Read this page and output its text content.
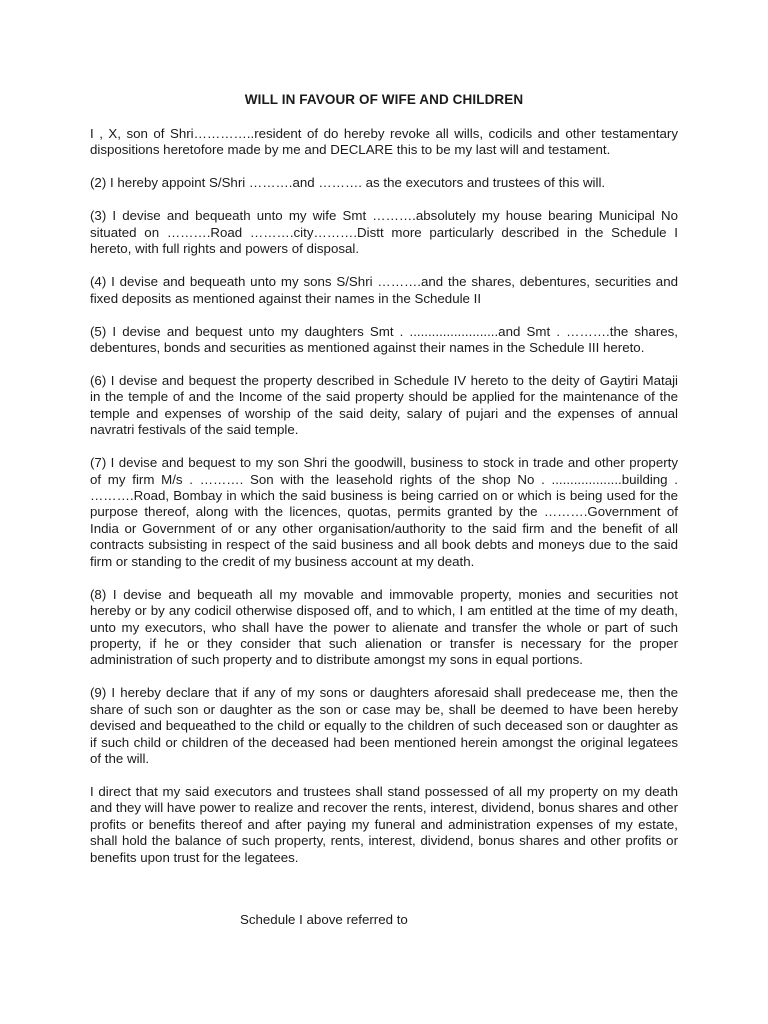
WILL IN FAVOUR OF WIFE AND CHILDREN

I , X, son of Shri…………..resident of do hereby revoke all wills, codicils and other testamentary dispositions heretofore made by me and DECLARE this to be my last will and testament.

(2) I hereby appoint S/Shri ……….and ………. as the executors and trustees of this will.

(3) I devise and bequeath unto my wife Smt ……….absolutely my house bearing Municipal No situated on ……….Road ……….city……….Distt more particularly described in the Schedule I hereto, with full rights and powers of disposal.

(4) I devise and bequeath unto my sons S/Shri ……….and the shares, debentures, securities and fixed deposits as mentioned against their names in the Schedule II

(5) I devise and bequest unto my daughters Smt . ........................and Smt . ……….the shares, debentures, bonds and securities as mentioned against their names in the Schedule III hereto.

(6) I devise and bequest the property described in Schedule IV hereto to the deity of Gaytiri Mataji in the temple of and the Income of the said property should be applied for the maintenance of the temple and expenses of worship of the said deity, salary of pujari and the expenses of annual navratri festivals of the said temple.

(7) I devise and bequest to my son Shri the goodwill, business to stock in trade and other property of my firm M/s . ………. Son with the leasehold rights of the shop No . ...................building . ……….Road, Bombay in which the said business is being carried on or which is being used for the purpose thereof, along with the licences, quotas, permits granted by the ……….Government of India or Government of or any other organisation/authority to the said firm and the benefit of all contracts subsisting in respect of the said business and all book debts and moneys due to the said firm or standing to the credit of my business account at my death.

(8) I devise and bequeath all my movable and immovable property, monies and securities not hereby or by any codicil otherwise disposed off, and to which, I am entitled at the time of my death, unto my executors, who shall have the power to alienate and transfer the whole or part of such property, if he or they consider that such alienation or transfer is necessary for the proper administration of such property and to distribute amongst my sons in equal portions.

(9) I hereby declare that if any of my sons or daughters aforesaid shall predecease me, then the share of such son or daughter as the son or case may be, shall be deemed to have been hereby devised and bequeathed to the child or equally to the children of such deceased son or daughter as if such child or children of the deceased had been mentioned herein amongst the original legatees of the will.

I direct that my said executors and trustees shall stand possessed of all my property on my death and they will have power to realize and recover the rents, interest, dividend, bonus shares and other profits or benefits thereof and after paying my funeral and administration expenses of my estate, shall hold the balance of such property, rents, interest, dividend, bonus shares and other profits or benefits upon trust for the legatees.

Schedule I above referred to
